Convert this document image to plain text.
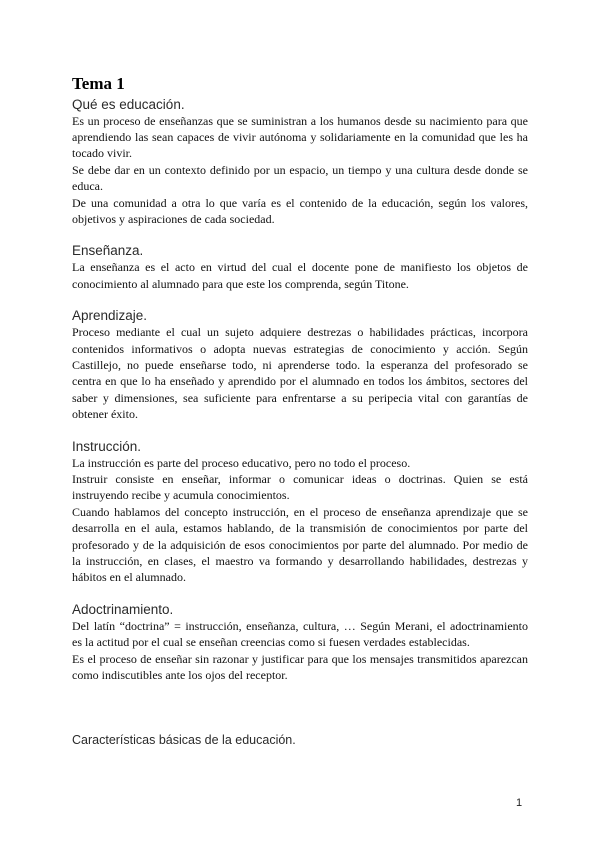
Tema 1
Qué es educación.
Es un proceso de enseñanzas que se suministran a los humanos desde su nacimiento para que
aprendiendo las sean capaces de vivir autónoma y solidariamente en la comunidad que les ha
tocado vivir.
Se debe dar en un contexto definido por un espacio, un tiempo y una cultura desde donde se
educa.
De una comunidad a otra lo que varía es el contenido de la educación, según los valores,
objetivos y aspiraciones de cada sociedad.
Enseñanza.
La enseñanza es el acto en virtud del cual el docente pone de manifiesto los objetos de
conocimiento al alumnado para que este los comprenda, según Titone.
Aprendizaje.
Proceso mediante el cual un sujeto adquiere destrezas o habilidades prácticas, incorpora
contenidos informativos o adopta nuevas estrategias de conocimiento y acción. Según
Castillejo, no puede enseñarse todo, ni aprenderse todo. la esperanza del profesorado se
centra en que lo ha enseñado y aprendido por el alumnado en todos los ámbitos, sectores del
saber y dimensiones, sea suficiente para enfrentarse a su peripecia vital con garantías de
obtener éxito.
Instrucción.
La instrucción es parte del proceso educativo, pero no todo el proceso.
Instruir consiste en enseñar, informar o comunicar ideas o doctrinas. Quien se está
instruyendo recibe y acumula conocimientos.
Cuando hablamos del concepto instrucción, en el proceso de enseñanza aprendizaje que se
desarrolla en el aula, estamos hablando, de la transmisión de conocimientos por parte del
profesorado y de la adquisición de esos conocimientos por parte del alumnado. Por medio de
la instrucción, en clases, el maestro va formando y desarrollando habilidades, destrezas y
hábitos en el alumnado.
Adoctrinamiento.
Del latín “doctrina” = instrucción, enseñanza, cultura, … Según Merani, el adoctrinamiento
es la actitud por el cual se enseñan creencias como si fuesen verdades establecidas.
Es el proceso de enseñar sin razonar y justificar para que los mensajes transmitidos aparezcan
como indiscutibles ante los ojos del receptor.
Características básicas de la educación.
1
